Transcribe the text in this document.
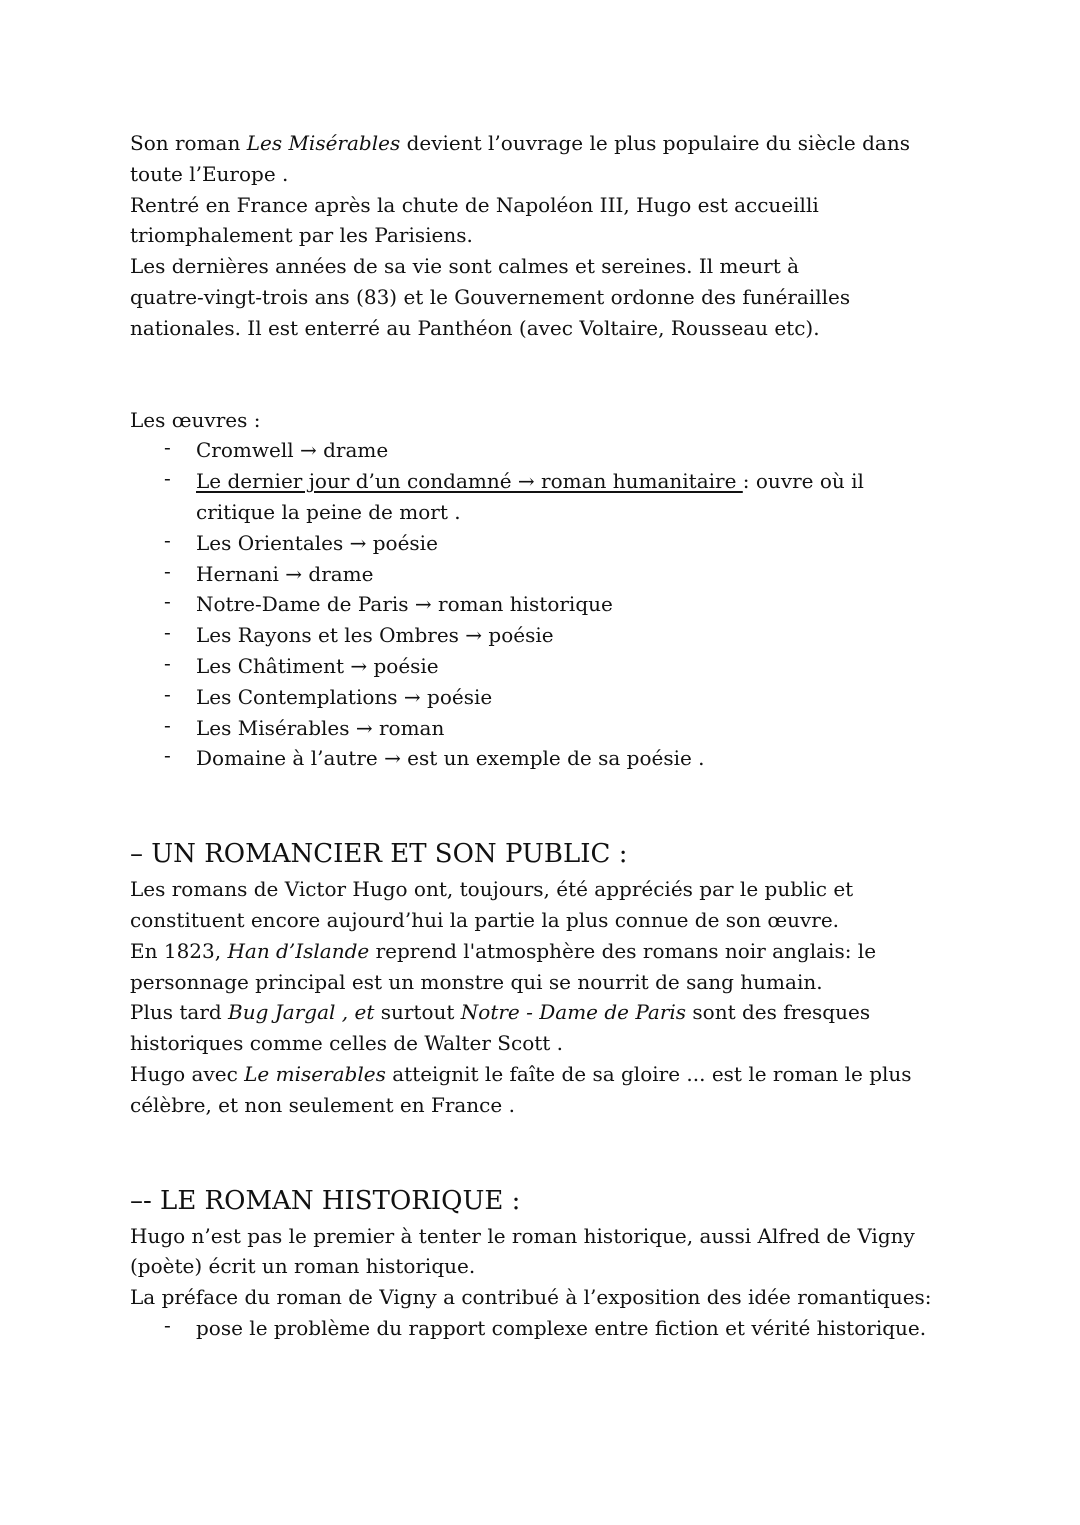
Son roman Les Misérables devient l’ouvrage le plus populaire du siècle dans
toute l’Europe .
Rentré en France après la chute de Napoléon III, Hugo est accueilli
triomphalement par les Parisiens.
Les dernières années de sa vie sont calmes et sereines. Il meurt à
quatre-vingt-trois ans (83) et le Gouvernement ordonne des funérailles
nationales. Il est enterré au Panthéon (avec Voltaire, Rousseau etc).
Les œuvres :
- Cromwell → drame
- Le dernier jour d’un condamné → roman humanitaire : ouvre où il
critique la peine de mort .
- Les Orientales → poésie
- Hernani → drame
- Notre-Dame de Paris → roman historique
- Les Rayons et les Ombres → poésie
- Les Châtiment → poésie
- Les Contemplations → poésie
- Les Misérables → roman
- Domaine à l’autre → est un exemple de sa poésie .
– UN ROMANCIER ET SON PUBLIC :
Les romans de Victor Hugo ont, toujours, été appréciés par le public et
constituent encore aujourd’hui la partie la plus connue de son œuvre.
En 1823, Han d’Islande reprend l'atmosphère des romans noir anglais: le
personnage principal est un monstre qui se nourrit de sang humain.
Plus tard Bug Jargal , et surtout Notre - Dame de Paris sont des fresques
historiques comme celles de Walter Scott .
Hugo avec Le miserables atteignit le faîte de sa gloire ... est le roman le plus
célèbre, et non seulement en France .
–- LE ROMAN HISTORIQUE :
Hugo n’est pas le premier à tenter le roman historique, aussi Alfred de Vigny
(poète) écrit un roman historique.
La préface du roman de Vigny a contribué à l’exposition des idée romantiques:
- pose le problème du rapport complexe entre fiction et vérité historique.
